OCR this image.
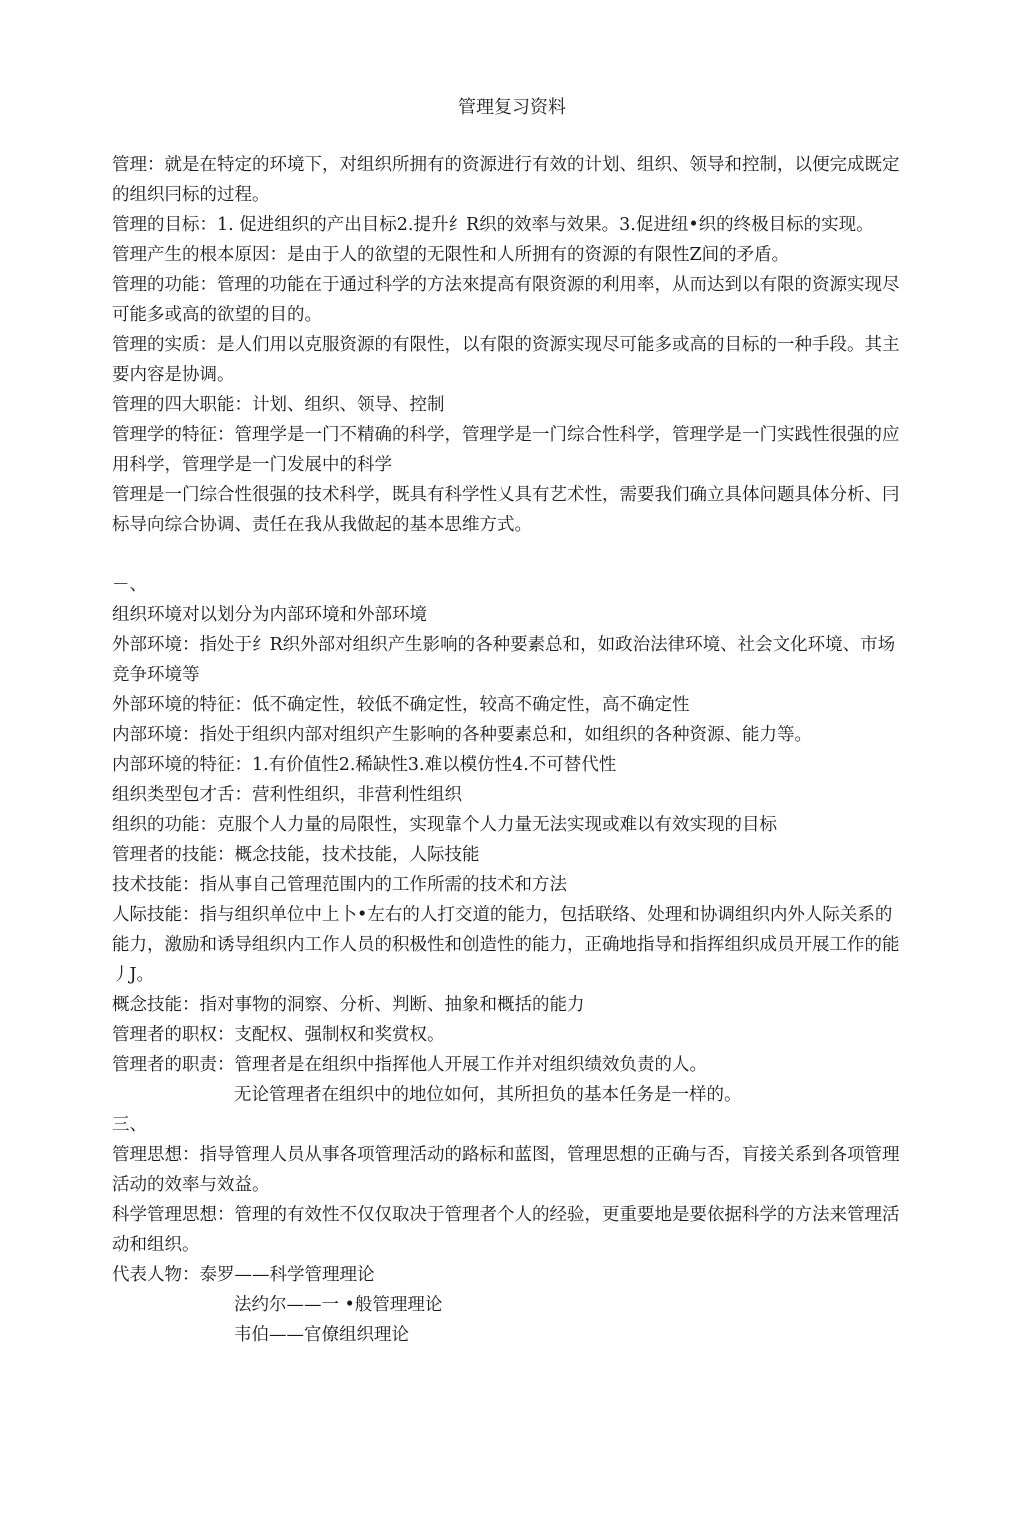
管理复习资料

管理：就是在特定的环境下，对组织所拥有的资源进行有效的计划、组织、领导和控制，以便完成既定的组织冃标的过程。

管理的目标：1. 促进组织的产出目标2.提升纟R织的效率与效果。3.促进纽•织的终极目标的实现。

管理产生的根本原因：是由于人的欲望的无限性和人所拥有的资源的有限性Z间的矛盾。

管理的功能：管理的功能在于通过科学的方法來提高有限资源的利用率，从而达到以有限的资源实现尽可能多或高的欲望的目的。

管理的实质：是人们用以克服资源的有限性，以有限的资源实现尽可能多或高的目标的一种手段。其主要内容是协调。

管理的四大职能：计划、组织、领导、控制

管理学的特征：管理学是一门不精确的科学，管理学是一门综合性科学，管理学是一门实践性很强的应用科学，管理学是一门发展中的科学

管理是一门综合性很强的技术科学，既具有科学性乂具有艺术性，需要我们确立具体问题具体分析、冃标导向综合协调、责任在我从我做起的基本思维方式。

－、

组织环境对以划分为内部环境和外部环境

外部环境：指处于纟R织外部对组织产生影响的各种要素总和，如政治法律环境、社会文化环境、市场竞争环境等

外部环境的特征：低不确定性，较低不确定性，较高不确定性，高不确定性

内部环境：指处于组织内部对组织产生影响的各种要素总和，如组织的各种资源、能力等。

内部环境的特征：1.有价值性2.稀缺性3.难以模仿性4.不可替代性

组织类型包才舌：营利性组织，非营利性组织

组织的功能：克服个人力量的局限性，实现靠个人力量无法实现或难以有效实现的目标

管理者的技能：概念技能，技术技能，人际技能

技术技能：指从事自己管理范围内的工作所需的技术和方法

人际技能：指与组织单位中上卜•左右的人打交道的能力，包括联络、处理和协调组织内外人际关系的能力，激励和诱导组织内工作人员的积极性和创造性的能力，正确地指导和指挥组织成员开展工作的能丿J。

概念技能：指对事物的洞察、分析、判断、抽象和概括的能力

管理者的职权：支配权、强制权和奖赏权。

管理者的职责：管理者是在组织中指挥他人开展工作并对组织绩效负责的人。

无论管理者在组织中的地位如何，其所担负的基本任务是一样的。

三、

管理思想：指导管理人员从事各项管理活动的路标和蓝图，管理思想的正确与否，肓接关系到各项管理活动的效率与效益。

科学管理思想：管理的有效性不仅仅取决于管理者个人的经验，更重要地是要依据科学的方法来管理活动和组织。

代表人物：泰罗——科学管理理论

法约尔——一 •般管理理论

韦伯——官僚组织理论
